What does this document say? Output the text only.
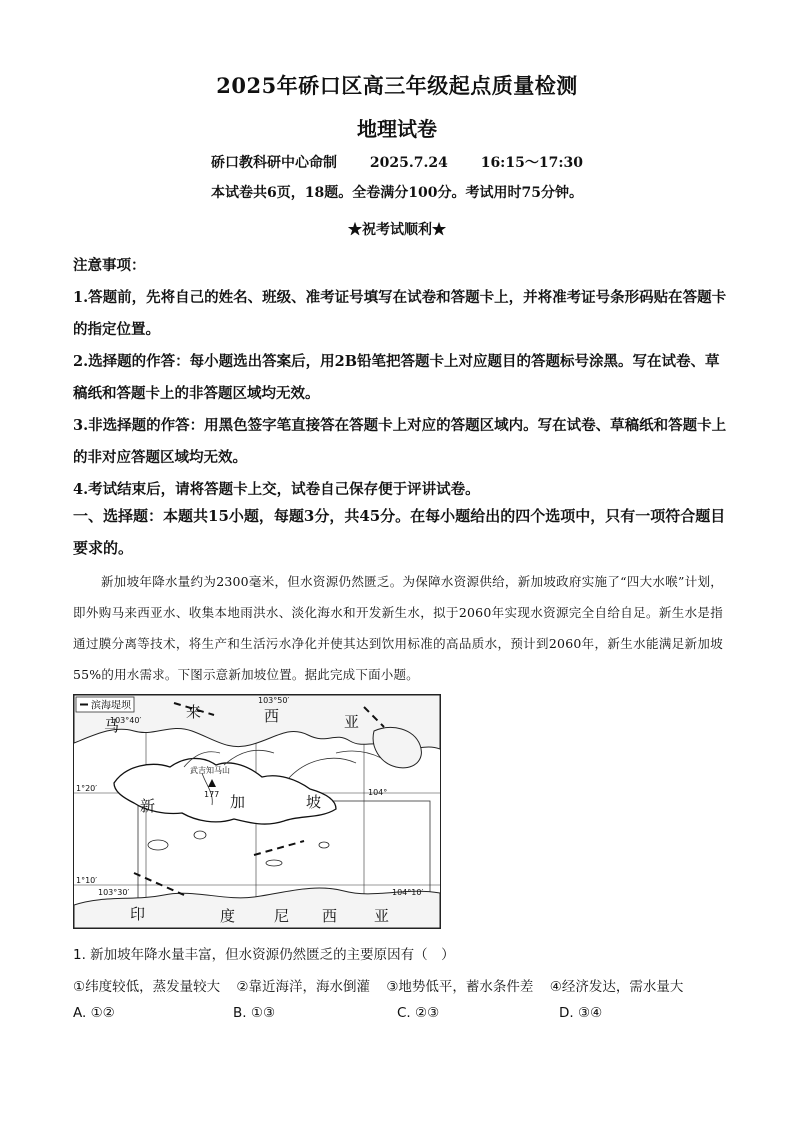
2025年硚口区高三年级起点质量检测
地理试卷
硚口教科研中心命制 2025.7.24 16:15～17:30
本试卷共6页，18题。全卷满分100分。考试用时75分钟。
★祝考试顺利★
注意事项：

1.答题前，先将自己的姓名、班级、准考证号填写在试卷和答题卡上，并将准考证号条形码贴在答题卡的指定位置。

2.选择题的作答：每小题选出答案后，用2B铅笔把答题卡上对应题目的答题标号涂黑。写在试卷、草稿纸和答题卡上的非答题区域均无效。

3.非选择题的作答：用黑色签字笔直接答在答题卡上对应的答题区域内。写在试卷、草稿纸和答题卡上的非对应答题区域均无效。

4.考试结束后，请将答题卡上交，试卷自己保存便于评讲试卷。

一、选择题：本题共15小题，每题3分，共45分。在每小题给出的四个选项中，只有一项符合题目要求的。

新加坡年降水量约为2300毫米，但水资源仍然匮乏。为保障水资源供给，新加坡政府实施了“四大水喉”计划，即外购马来西亚水、收集本地雨洪水、淡化海水和开发新生水，拟于2060年实现水资源完全自给自足。新生水是指通过膜分离等技术，将生产和生活污水净化并使其达到饮用标准的高品质水，预计到2060年，新生水能满足新加坡55%的用水需求。下图示意新加坡位置。据此完成下面小题。
滨海堤坝
马
来	西	亚
新	加	坡
印	度	尼 西 亚
武吉知马山
177
1°20′
1°10′
103°40′
103°50′
104°
103°30′	104°10′
1. 新加坡年降水量丰富，但水资源仍然匮乏的主要原因有（　）
①纬度较低，蒸发量较大 ②靠近海洋，海水倒灌 ③地势低平，蓄水条件差 ④经济发达，需水量大
A. ①②	B. ①③	C. ②③	D. ③④
